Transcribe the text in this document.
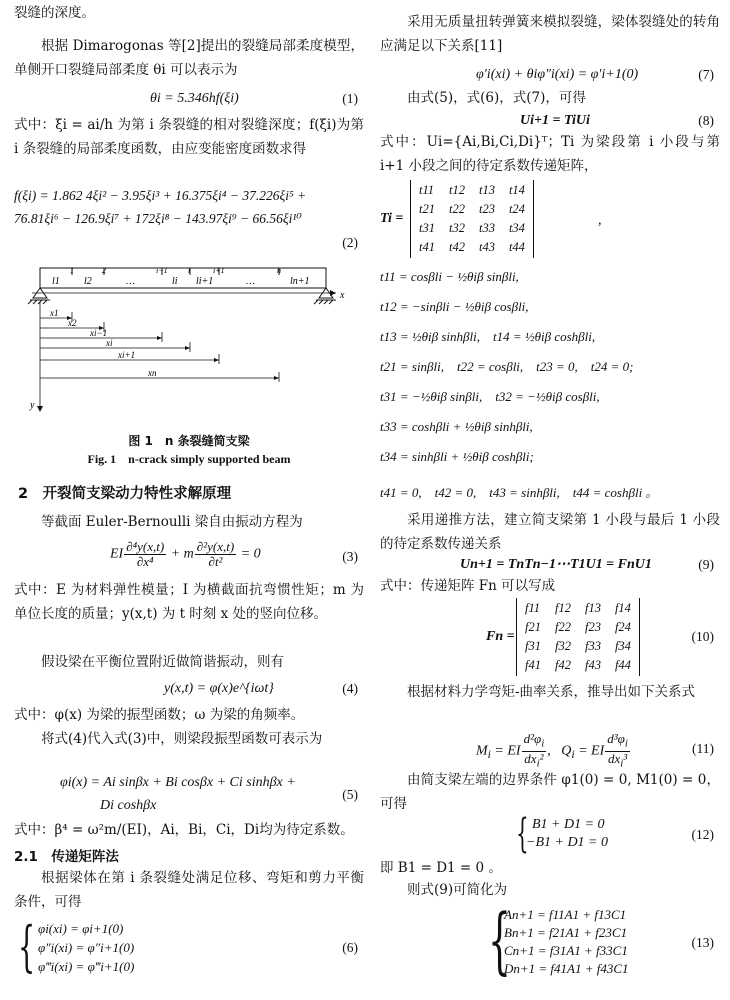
裂缝的深度。

根据 Dimarogonas 等[2]提出的裂缝局部柔度模型，单侧开口裂缝局部柔度 θi 可以表示为

θi = 5.346hf(ξi)	(1)

式中：ξi = ai/h 为第 i 条裂缝的相对裂缝深度；f(ξi)为第 i 条裂缝的局部柔度函数，由应变能密度函数求得

f(ξi) = 1.862 4ξi² − 3.95ξi³ + 16.375ξi⁴ − 37.226ξi⁵ +
76.81ξi⁶ − 126.9ξi⁷ + 172ξi⁸ − 143.97ξi⁹ − 66.56ξi¹⁰
(2)
1	2	i−1	i	i+1	n
l1 l2	…	li li+1	…	ln+1
x
y
x1
x2
xi−1
xi
xi+1
xn
图 1　n 条裂缝简支梁
Fig. 1　n-crack simply supported beam
2　开裂简支梁动力特性求解原理

等截面 Euler-Bernoulli 梁自由振动方程为

EI $\frac{\text{∂⁴y(x,t)}}{\text{∂x⁴}} + m \frac{\text{∂²y(x,t)}}{\text{∂t²}} = 0$	(3)

式中：E 为材料弹性模量；I 为横截面抗弯惯性矩；m 为单位长度的质量；y(x,t) 为 t 时刻 x 处的竖向位移。

假设梁在平衡位置附近做简谐振动，则有

y(x,t) = φ(x)e^{iωt}	(4)

式中：φ(x) 为梁的振型函数；ω 为梁的角频率。

将式(4)代入式(3)中，则梁段振型函数可表示为

φi(x) = Ai sinβx + Bi cosβx + Ci sinhβx +
Di coshβx
(5)

式中：β⁴ = ω²m/(EI)，Ai，Bi，Ci，Di均为待定系数。

2.1　传递矩阵法

根据梁体在第 i 条裂缝处满足位移、弯矩和剪力平衡条件，可得

{ φi(xi) = φi+1(0)
φ″i(xi) = φ″i+1(0)
φ‴i(xi) = φ‴i+1(0)
(6)

采用无质量扭转弹簧来模拟裂缝，梁体裂缝处的转角应满足以下关系[11]

φ′i(xi) + θiφ″i(xi) = φ′i+1(0)	(7)

由式(5)，式(6)，式(7)，可得

Ui+1 = TiUi	(8)

式中：Ui={Ai,Bi,Ci,Di}ᵀ；Ti 为梁段第 i 小段与第 i+1 小段之间的待定系数传递矩阵，

Ti =
t11	t12	t13	t14
t21	t22	t23	t24
t31	t32	t33	t34
t41	t42	t43	t44
,
t11 = cosβli − ½θiβ sinβli,
t12 = −sinβli − ½θiβ cosβli,
t13 = ½θiβ sinhβli,　t14 = ½θiβ coshβli,
t21 = sinβli,　t22 = cosβli,　t23 = 0,　t24 = 0;
t31 = −½θiβ sinβli,　t32 = −½θiβ cosβli,
t33 = coshβli + ½θiβ sinhβli,
t34 = sinhβli + ½θiβ coshβli;
t41 = 0,　t42 = 0,　t43 = sinhβli,　t44 = coshβli 。

采用递推方法，建立简支梁第 1 小段与最后 1 小段的待定系数传递关系

Un+1 = TnTn−1⋯T1U1 = FnU1	(9)

式中：传递矩阵 Fn 可以写成

Fn =
f11	f12	f13	f14
f21	f22	f23	f24
f31	f32	f33	f34
f41	f42	f43	f44
(10)

根据材料力学弯矩-曲率关系，推导出如下关系式

$M_i$ = EI $\frac{d^2\varphi_i}{dx_i^2}$ ,   $Q_i$ = EI $\frac{d^3\varphi_i}{dx_i^3}$	(11)

由简支梁左端的边界条件 φ1(0) = 0, M1(0) = 0，可得

{ B1 + D1 = 0
−B1 + D1 = 0
(12)

即 B1 = D1 = 0 。

则式(9)可简化为

{
An+1 = f11A1 + f13C1
Bn+1 = f21A1 + f23C1
Cn+1 = f31A1 + f33C1
Dn+1 = f41A1 + f43C1
(13)
